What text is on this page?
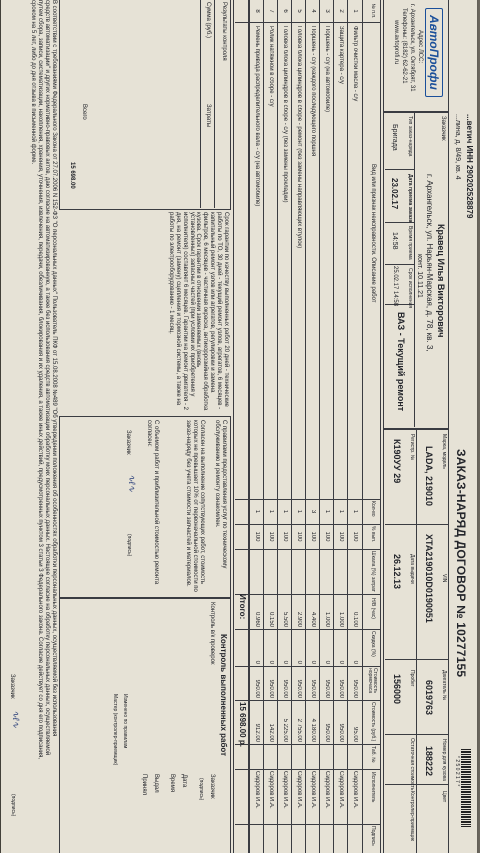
...ветич ИНН 290202528879
...лина, д. 8/49, кв. 4
ЗАКАЗ-НАРЯД ДОГОВОР № 10277155
* 2 5 0 2 1 7 *
АвтоПрофи
Адрес ЛСС:
г. Архангельск, ул. Октябрят, 31
Телефоны: (8182) 62-62-21
www.avtoprofi.ru
Заказчик
Кравец Илья Викторович
г. Архангельск, ул. Нарьян-Марская, д. 78, кв. 3,
конт. 10.11.21
Тип заказ-наряда
Бригада
Дата приема заказа
23.02.17
Время приема
14:58
Срок исполнения
25.02.17 14:58
ВАЗ - Текущий ремонт
Марка, модель
LADA, 219010
VIN
XTA219010D0190051
Двигатель №
6019763
Номер для кузова
188222
Регистр. №
К190УУ 29
Дата выдачи
26.12.13
Пробег
156000
Остаточная стоимость
Цвет
Контролер-приемщик
№ п.п.
Вид или признак неисправности. Описание работ
Кол-во
% вып.
Шкала (%) затрат
Н/В (час)
Скидка (%)
Стоимость нормочаса
Стоимость (руб.)
Таб. №
Исполнитель
Подпись
1
Фильтр очистки масла - с/у
1
100
0.100
0
950.00
95.00
Сидоров И.А.
2
Защита картера - с/у
1
100
1.000
0
950.00
950.00
Сидоров И.А.
3
Поршень - с/у (на автомобиле)
1
100
1.000
0
950.00
950.00
Сидоров И.А.
4
Поршень - с/у (каждого последующего поршня
3
100
4.400
0
950.00
4 180.00
Сидоров И.А.
5
Головка блока цилиндров в сборе - ремонт (без замены направляющих втулок)
1
100
2.900
0
950.00
2 755.00
Сидоров И.А.
6
Головка блока цилиндров в сборе - с/у (без замены прокладки)
1
100
5.500
0
950.00
5 225.00
Сидоров И.А.
7
Ролик натяжной в сборе - с/у
1
100
0.150
0
950.00
142.00
Сидоров И.А.
8
Ремень привода распределительного вала - с/у (на автомобиле)
1
100
0.960
0
950.00
912.00
Сидоров И.А.
Итого:
15 698.00 р.
Результаты контроля
Сумма (руб.)
Затраты
Всего
15 698.00
Срок гарантии по качеству выполненных работ 20 дней - технические работы по ТО, 30 дней - текущий ремонт узлов, агрегатов, 6 месяцев - капитальный ремонт узлов или агрегатов, регулировки и замена фильтров, 6 месяцев - частичная окраска, антикоррозийная обработка кузова. Срок гарантии в отношении заменяемых (вновь установленных) запасных частей (при условии их приобретения у исполнителя) составляет 6 месяцев. Гарантии на ремонт двигателя - 2 дня, на ремонт (замену) сцепления и тормозной системы, а также на работы по электрооборудованию - 1 месяц.
С правилами предоставления услуг по техническому обслуживанию и ремонту ознакомлен.
Согласен на выполнение сопутствующих работ, стоимость которых не превышает 10% от первоначальной стоимости по заказ-наряду без учета стоимости запчастей и материалов.
С объемом работ и приблизительной стоимостью ремонта согласен:
Заказчик
(подпись)
∿ℓ∿
Контроль выполненных работ
Контроль в/к проверок
Заказчик
(подпись)
Дата
Время
Выдал
Принял
Изменено по правилам
Мастер (контролер-приемщик)
В соответствии с требованиями Федерального Закона от 27.07.2006 N 152-ФЗ "О персональных данных" Пользователь ПКФ от 15.08.2008 №489 "Об утверждении положения об особенностях обработки персональных данных, осуществляемой без использования средств автоматизации" и других нормативно-правовых актов, даю согласие на автоматизированную, а также без использования средств автоматизации обработку моих персональных данных. Настоящее согласие на обработку персональных данных, осуществляемой путем сбора, записи, систематизации, накопления, хранения, уточнения, извлечения, передачи, обезличивания, блокирования и их удаления, а также иных действий, предусмотренных пунктом 3 статьи 3 Федерального закона. Согласие действует со дня его подписания, сроком на 5 лет, либо до дня отзыва в письменной форме.
Заказчик
(подпись)
∿ℓ∿
